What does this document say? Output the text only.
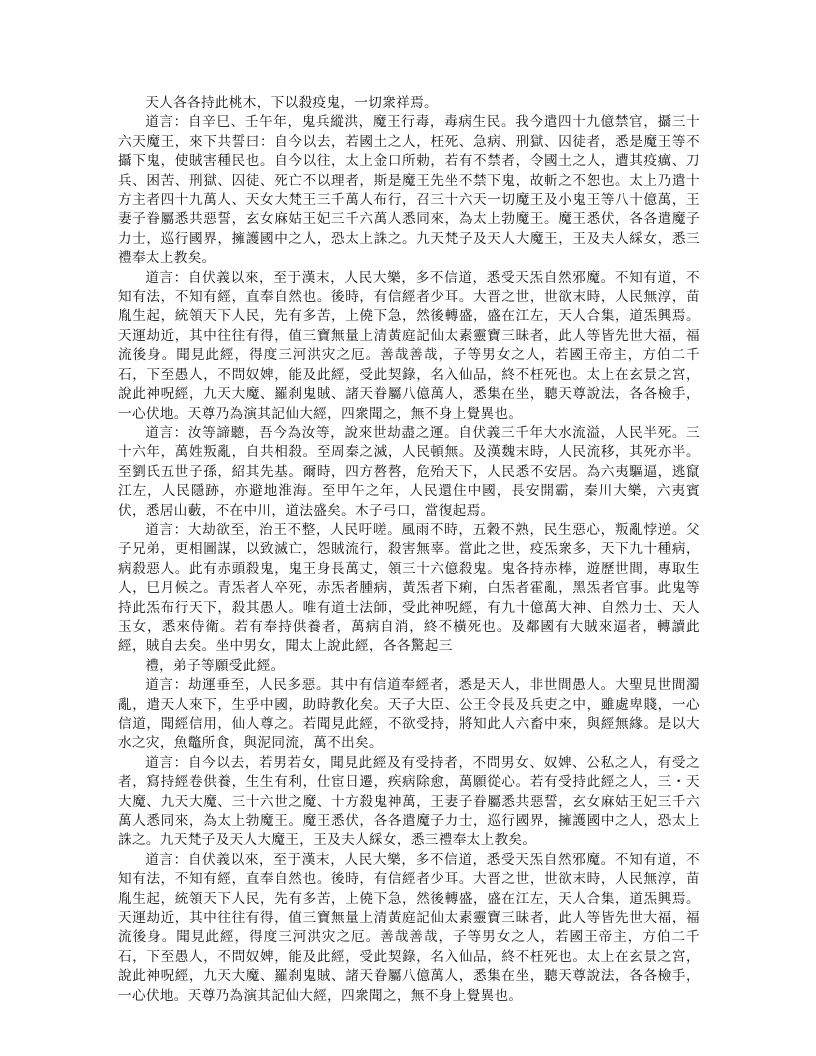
天人各各持此桃木，下以殺疫鬼，一切衆祥焉。

道言：自辛巳、壬午年，鬼兵縱洪，魔王行毒，毒病生民。我今遣四十九億禁官，攝三十六天魔王，來下共誓曰：自今以去，若國土之人，枉死、急病、刑獄、囚徒者，悉是魔王等不攝下鬼，使賊害種民也。自今以往，太上金口所勅，若有不禁者，令國土之人，遭其疫癘、刀兵、困苦、刑獄、囚徒、死亡不以理者，斯是魔王先坐不禁下鬼，故斬之不恕也。太上乃遣十方主者四十九萬人、天女大梵王三千萬人布行，召三十六天一切魔王及小鬼王等八十億萬，王妻子眷屬悉共惡誓，玄女麻姑王妃三千六萬人悉同來，為太上勃魔王。魔王悉伏，各各遣魔子力士，巡行國界，擁護國中之人，恐太上誅之。九天梵子及天人大魔王，王及夫人綵女，悉三禮奉太上教矣。

道言：自伏義以來，至于漢末，人民大樂，多不信道，悉受天炁自然邪魔。不知有道，不知有法，不知有經，直奉自然也。後時，有信經者少耳。大晋之世，世欲末時，人民無淳，苗胤生起，統領天下人民，先有多苦，上僥下急，然後轉盛，盛在江左，天人合集，道炁興焉。天運劫近，其中往往有得，值三寶無量上清黃庭記仙太素靈寶三昧者，此人等皆先世大福，福流後身。聞見此經，得度三河洪灾之厄。善哉善哉，子等男女之人，若國王帝主，方伯二千石，下至愚人，不問奴婢，能及此經，受此契錄，名入仙品，終不枉死也。太上在玄景之宮，說此神呪經，九天大魔、羅刹鬼賊、諸天眷屬八億萬人，悉集在坐，聽天尊說法，各各檢手，一心伏地。天尊乃為演其記仙大經，四衆聞之，無不身上覺異也。

道言：汝等諦聽，吾今為汝等，說來世劫盡之運。自伏義三千年大水流溢，人民半死。三十六年，萬姓叛亂，自共相殺。至周秦之滅，人民頓無。及漢魏末時，人民流移，其死亦半。至劉氏五世子孫，紹其先基。爾時，四方嗸嗸，危殆天下，人民悉不安居。為六夷驅逼，逃竄江左，人民隱跡，亦避地淮海。至甲午之年，人民還住中國，長安開霸，秦川大樂，六夷賓伏，悉居山藪，不在中川，道法盛矣。木子弓口，當復起焉。

道言：大劫欲至，治王不整，人民吁嗟。風雨不時，五穀不熟，民生惡心，叛亂悖逆。父子兄弟，更相圖謀，以致滅亡，怨賊流行，殺害無辜。當此之世，疫炁衆多，天下九十種病，病殺惡人。此有赤頭殺鬼，鬼王身長萬丈，領三十六億殺鬼。鬼各持赤棒，遊歷世間，專取生人，巳月候之。青炁者人卒死，赤炁者腫病，黃炁者下痢，白炁者霍亂，黑炁者官事。此鬼等持此炁布行天下，殺其愚人。唯有道士法師，受此神呪經，有九十億萬大神、自然力士、天人玉女，悉來侍衛。若有奉持供養者，萬病自消，終不橫死也。及鄰國有大賊來逼者，轉讀此經，賊自去矣。坐中男女，聞太上說此經，各各驚起三

禮，弟子等願受此經。

道言：劫運垂至，人民多惡。其中有信道奉經者，悉是天人，非世間愚人。大聖見世間濁亂，遣天人來下，生乎中國，助時教化矣。天子大臣、公王令長及兵吏之中，雖處卑賤，一心信道，聞經信用，仙人尊之。若聞見此經，不欲受持，將知此人六畜中來，與經無緣。是以大水之灾，魚鼈所食，與泥同流，萬不出矣。

道言：自今以去，若男若女，聞見此經及有受持者，不問男女、奴婢、公私之人，有受之者，寫持經卷供養，生生有利，仕宦日遷，疾病除愈，萬願從心。若有受持此經之人，三・天大魔、九天大魔、三十六世之魔、十方殺鬼神萬，王妻子眷屬悉共惡誓，玄女麻姑王妃三千六萬人悉同來，為太上勃魔王。魔王悉伏，各各遣魔子力士，巡行國界，擁護國中之人，恐太上誅之。九天梵子及天人大魔王，王及夫人綵女，悉三禮奉太上教矣。

道言：自伏義以來，至于漢末，人民大樂，多不信道，悉受天炁自然邪魔。不知有道，不知有法，不知有經，直奉自然也。後時，有信經者少耳。大晋之世，世欲末時，人民無淳，苗胤生起，統領天下人民，先有多苦，上僥下急，然後轉盛，盛在江左，天人合集，道炁興焉。天運劫近，其中往往有得，值三寶無量上清黃庭記仙太素靈寶三昧者，此人等皆先世大福，福流後身。聞見此經，得度三河洪灾之厄。善哉善哉，子等男女之人，若國王帝主，方伯二千石，下至愚人，不問奴婢，能及此經，受此契錄，名入仙品，終不枉死也。太上在玄景之宮，說此神呪經，九天大魔、羅刹鬼賊、諸天眷屬八億萬人，悉集在坐，聽天尊說法，各各檢手，一心伏地。天尊乃為演其記仙大經，四衆聞之，無不身上覺異也。
